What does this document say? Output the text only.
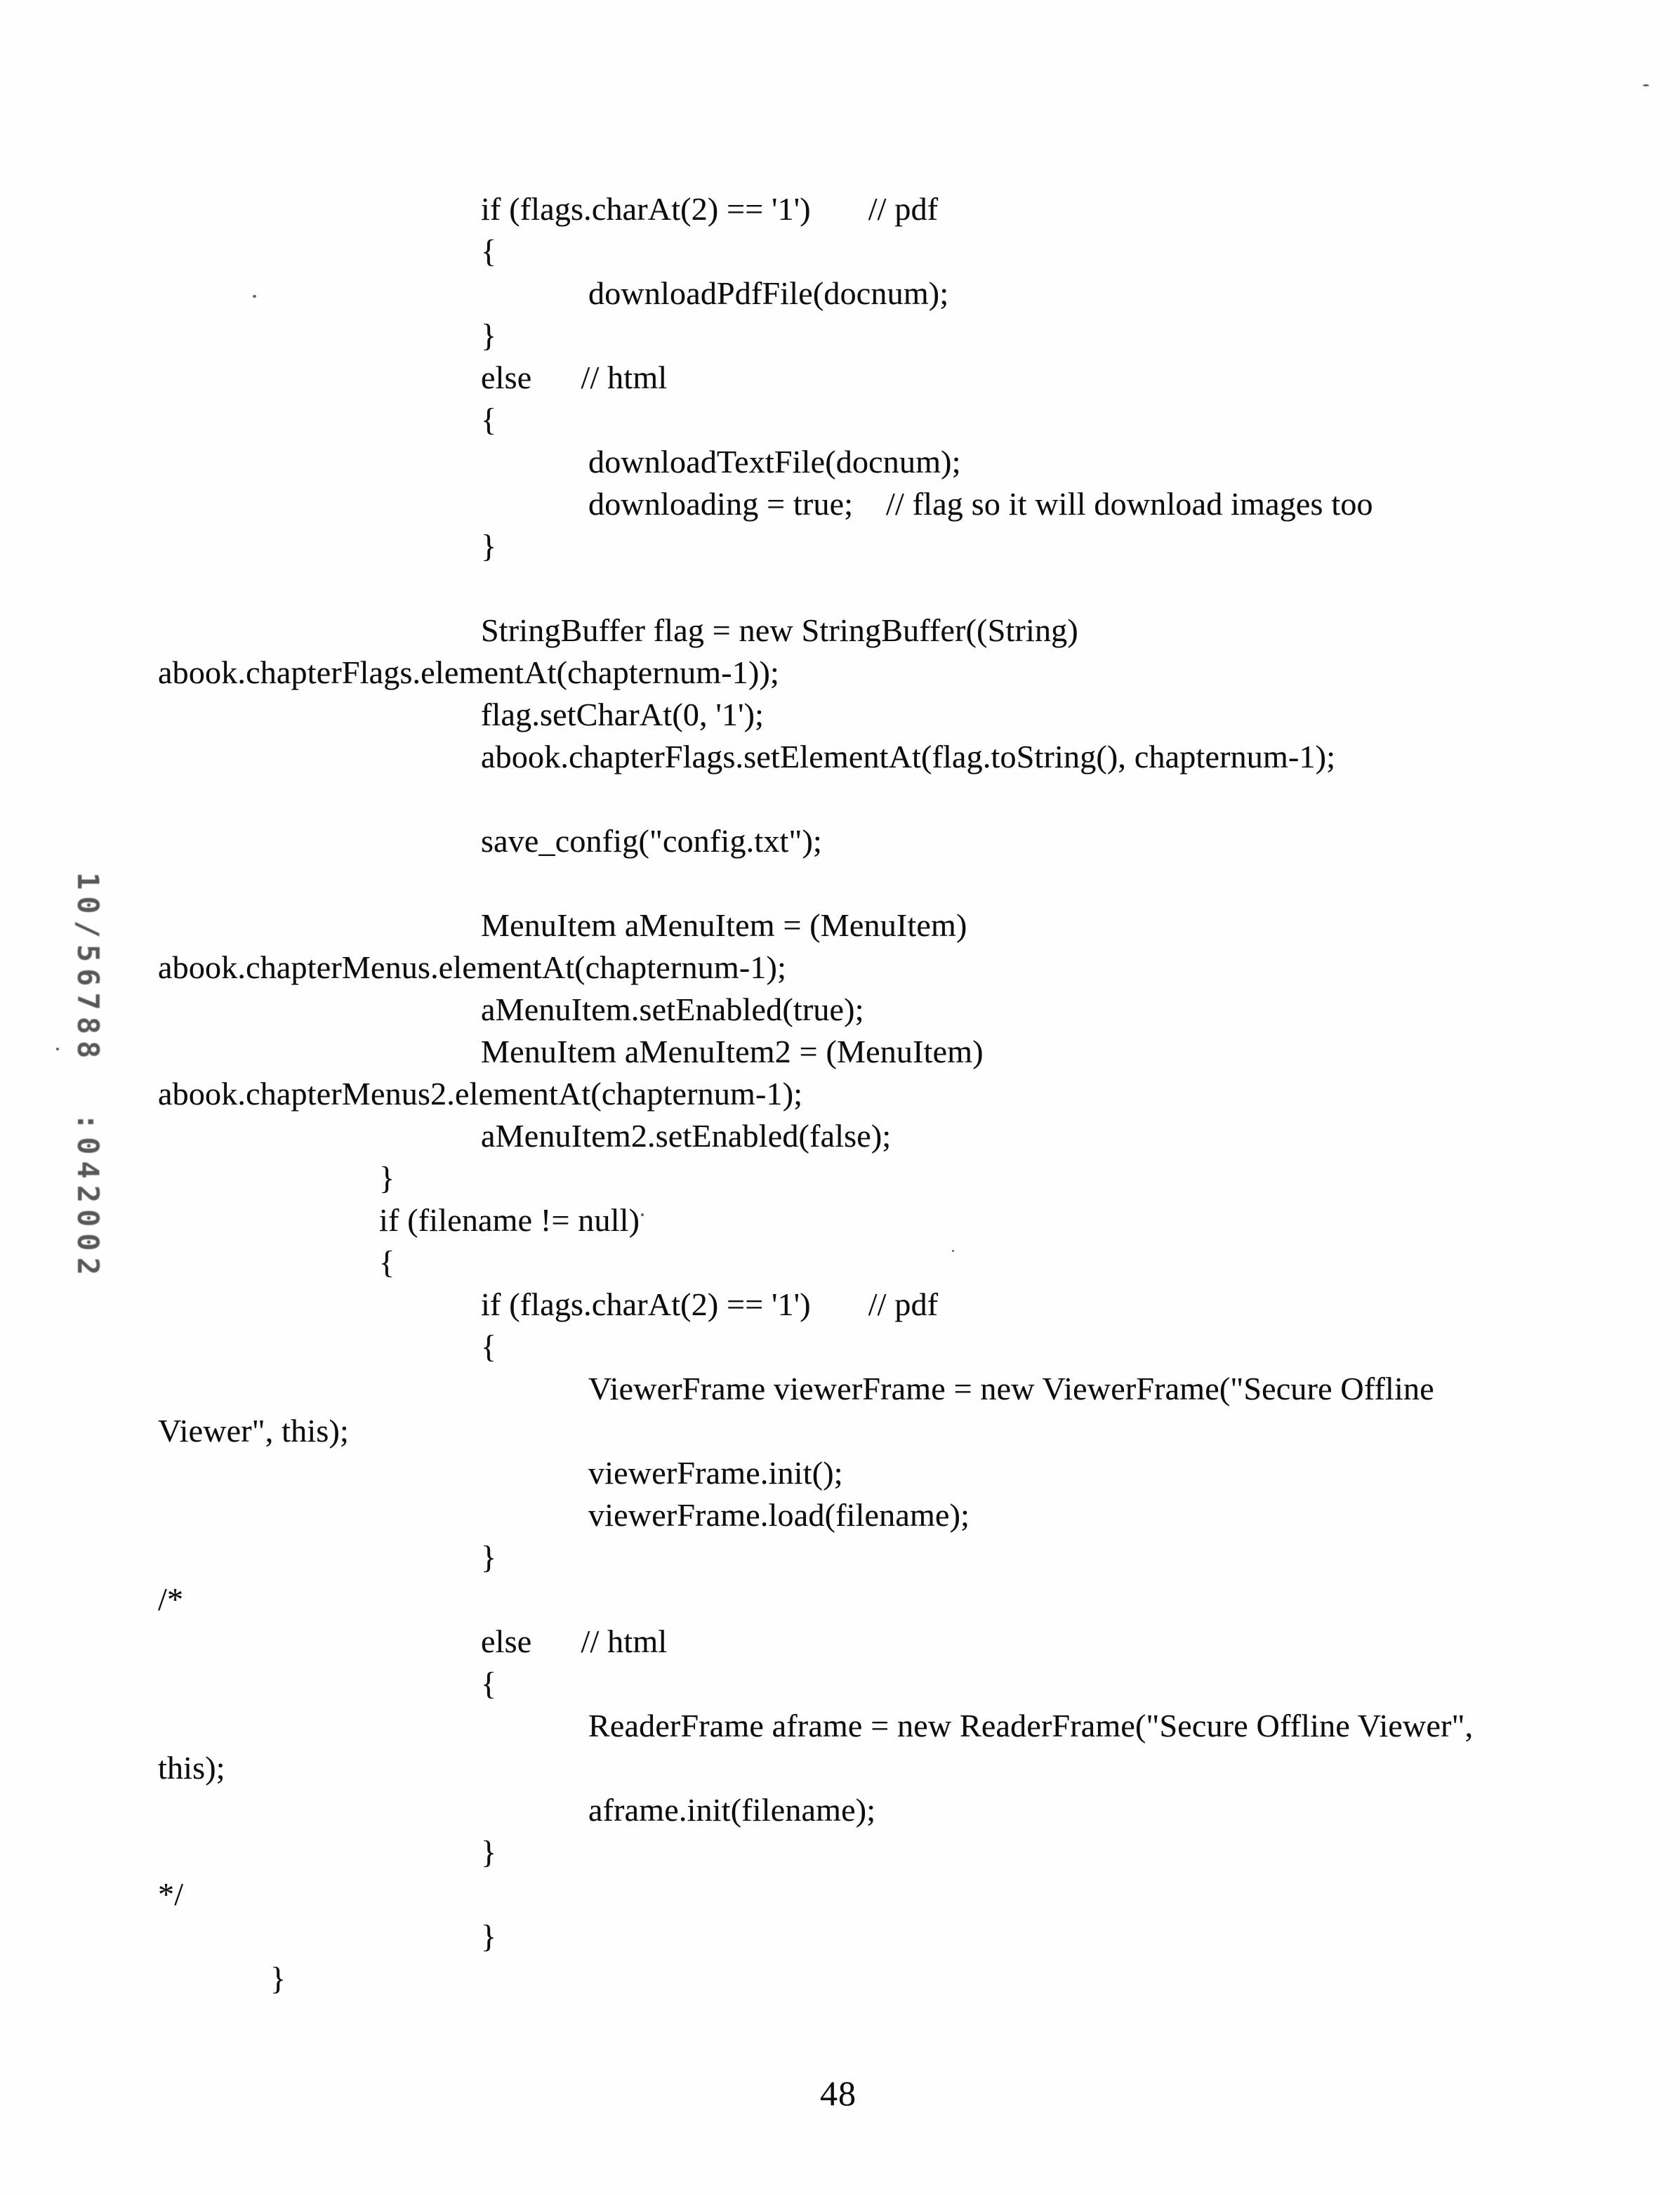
10/56788  :042002
if (flags.charAt(2) == '1')       // pdf
{
downloadPdfFile(docnum);
}
else      // html
{
downloadTextFile(docnum);
downloading = true;    // flag so it will download images too
}
StringBuffer flag = new StringBuffer((String)
abook.chapterFlags.elementAt(chapternum-1));
flag.setCharAt(0, '1');
abook.chapterFlags.setElementAt(flag.toString(), chapternum-1);
save_config("config.txt");
MenuItem aMenuItem = (MenuItem)
abook.chapterMenus.elementAt(chapternum-1);
aMenuItem.setEnabled(true);
MenuItem aMenuItem2 = (MenuItem)
abook.chapterMenus2.elementAt(chapternum-1);
aMenuItem2.setEnabled(false);
}
if (filename != null)
{
if (flags.charAt(2) == '1')       // pdf
{
ViewerFrame viewerFrame = new ViewerFrame("Secure Offline
Viewer", this);
viewerFrame.init();
viewerFrame.load(filename);
}
/*
else      // html
{
ReaderFrame aframe = new ReaderFrame("Secure Offline Viewer",
this);
aframe.init(filename);
}
*/
}
}
48
